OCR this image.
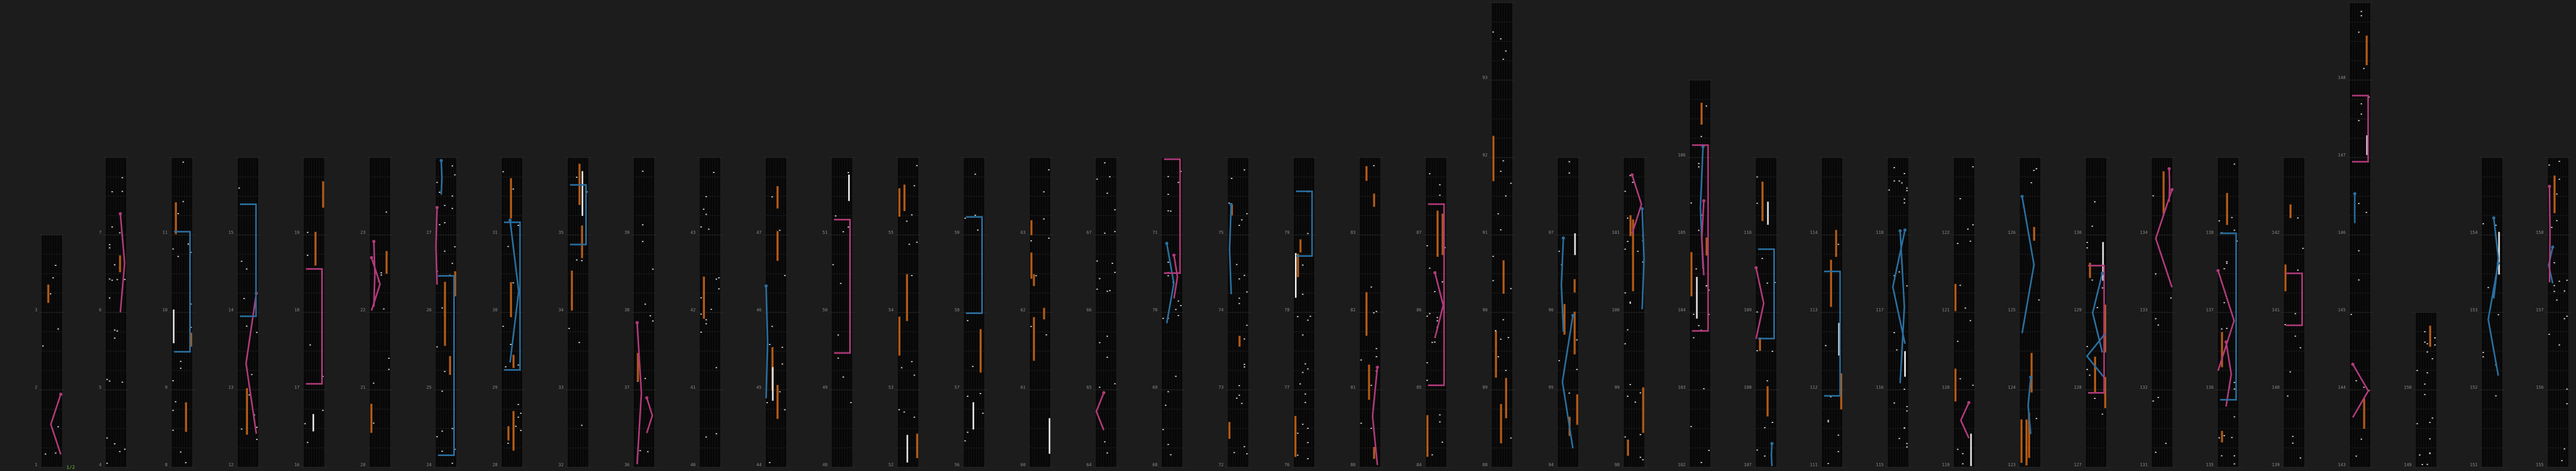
1
2
3
4
5
6
7
8
9
10
11
12
13
14
15
16
17
18
19
20
21
22
23
24
25
26
27
28
29
30
31
32
33
34
35
36
37
38
39
40
41
42
43
44
45
46
47
48
49
50
51
52
53
54
55
56
57
58
59
60
61
62
63
64
65
66
67
68
69
70
71
72
73
74
75
76
77
78
79
80
81
82
83
84
85
86
87
88
89
90
91
92
93
94
95
96
97
98
99
100
101
102
103
104
105
106
107
108
109
110
111
112
113
114
115
116
117
118
119
120
121
122
123
124
125
126
127
128
129
130
131
132
133
134
135
136
137
138
139
140
141
142
143
144
145
146
147
148
149
150
151
152
153
154
155
156
157
158
1/2
